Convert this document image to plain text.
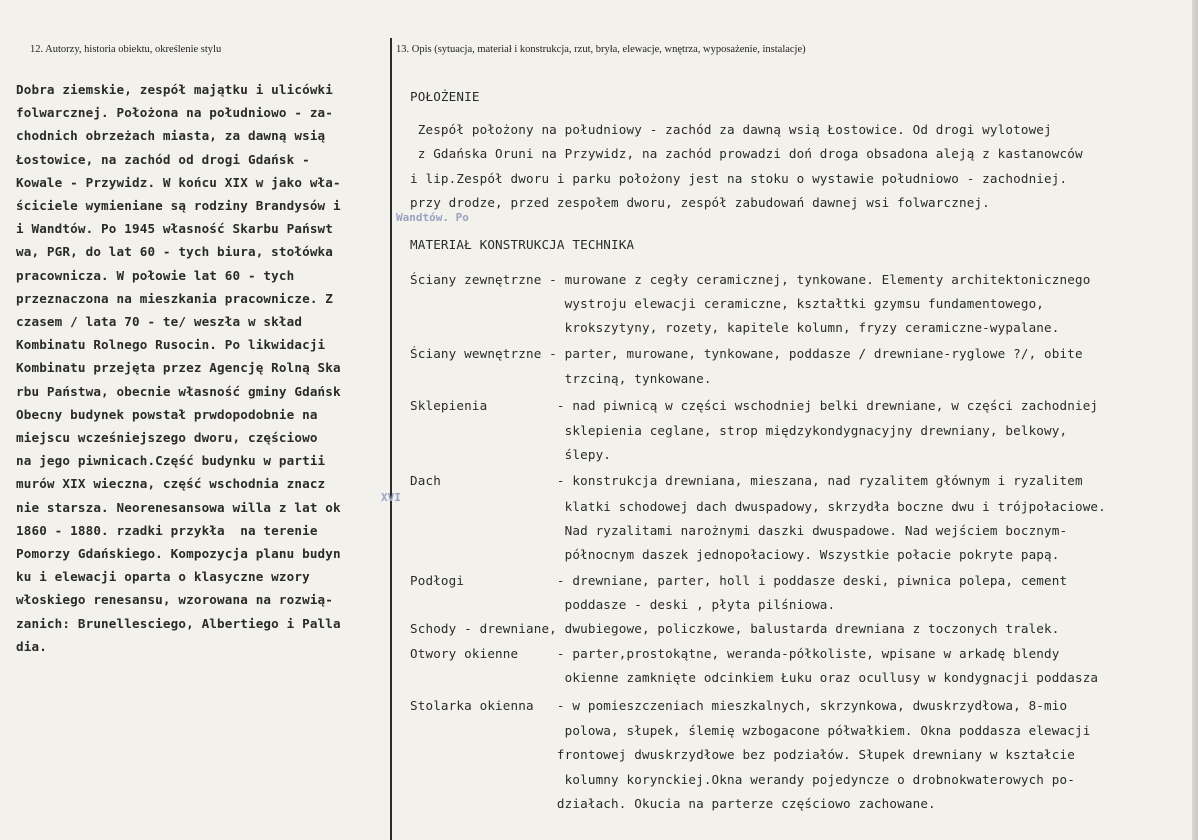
12. Autorzy, historia obiektu, określenie stylu	13. Opis (sytuacja, materiał i konstrukcja, rzut, bryła, elewacje, wnętrza, wyposażenie, instalacje)
Dobra ziemskie, zespół majątku i ulicówki
folwarcznej. Położona na południowo - za-
chodnich obrzeżach miasta, za dawną wsią
Łostowice, na zachód od drogi Gdańsk -
Kowale - Przywidz. W końcu XIX w jako wła-
ściciele wymieniane są rodziny Brandysów i
i Wandtów. Po 1945 własność Skarbu Pańswt
wa, PGR, do lat 60 - tych biura, stołówka
pracownicza. W połowie lat 60 - tych
przeznaczona na mieszkania pracownicze. Z
czasem / lata 70 - te/ weszła w skład
Kombinatu Rolnego Rusocin. Po likwidacji
Kombinatu przejęta przez Agencję Rolną Ska
rbu Państwa, obecnie własność gminy Gdańsk
Obecny budynek powstał prwdopodobnie na
miejscu wcześniejszego dworu, częściowo
na jego piwnicach.Część budynku w partii
murów XIX wieczna, część wschodnia znacz
nie starsza. Neorenesansowa willa z lat ok
1860 - 1880. rzadki przykła  na terenie
Pomorzy Gdańskiego. Kompozycja planu budyn
ku i elewacji oparta o klasyczne wzory
włoskiego renesansu, wzorowana na rozwią-
zanich: Brunellesciego, Albertiego i Palla
dia.
Wandtów. Po
XVI
POŁOŻENIE
Zespół położony na południowy - zachód za dawną wsią Łostowice. Od drogi wylotowej
z Gdańska Oruni na Przywidz, na zachód prowadzi doń droga obsadona aleją z kastanowców
i lip.Zespół dworu i parku położony jest na stoku o wystawie południowo - zachodniej.
przy drodze, przed zespołem dworu, zespół zabudowań dawnej wsi folwarcznej.
MATERIAŁ KONSTRUKCJA TECHNIKA
Ściany zewnętrzne - murowane z cegły ceramicznej, tynkowane. Elementy architektonicznego
wystroju elewacji ceramiczne, kształtki gzymsu fundamentowego,
krokszytyny, rozety, kapitele kolumn, fryzy ceramiczne-wypalane.
Ściany wewnętrzne - parter, murowane, tynkowane, poddasze / drewniane-ryglowe ?/, obite
trzciną, tynkowane.
Sklepienia         - nad piwnicą w części wschodniej belki drewniane, w części zachodniej
sklepienia ceglane, strop międzykondygnacyjny drewniany, belkowy,
ślepy.
Dach               - konstrukcja drewniana, mieszana, nad ryzalitem głównym i ryzalitem
klatki schodowej dach dwuspadowy, skrzydła boczne dwu i trójpołaciowe.
Nad ryzalitami narożnymi daszki dwuspadowe. Nad wejściem bocznym-
północnym daszek jednopołaciowy. Wszystkie połacie pokryte papą.
Podłogi            - drewniane, parter, holl i poddasze deski, piwnica polepa, cement
poddasze - deski , płyta pilśniowa.
Schody - drewniane, dwubiegowe, policzkowe, balustarda drewniana z toczonych tralek.
Otwory okienne     - parter,prostokątne, weranda-półkoliste, wpisane w arkadę blendy
okienne zamknięte odcinkiem Łuku oraz ocullusy w kondygnacji poddasza
Stolarka okienna   - w pomieszczeniach mieszkalnych, skrzynkowa, dwuskrzydłowa, 8-mio
polowa, słupek, ślemię wzbogacone półwałkiem. Okna poddasza elewacji
frontowej dwuskrzydłowe bez podziałów. Słupek drewniany w kształcie
kolumny korynckiej.Okna werandy pojedyncze o drobnokwaterowych po-
działach. Okucia na parterze częściowo zachowane.
